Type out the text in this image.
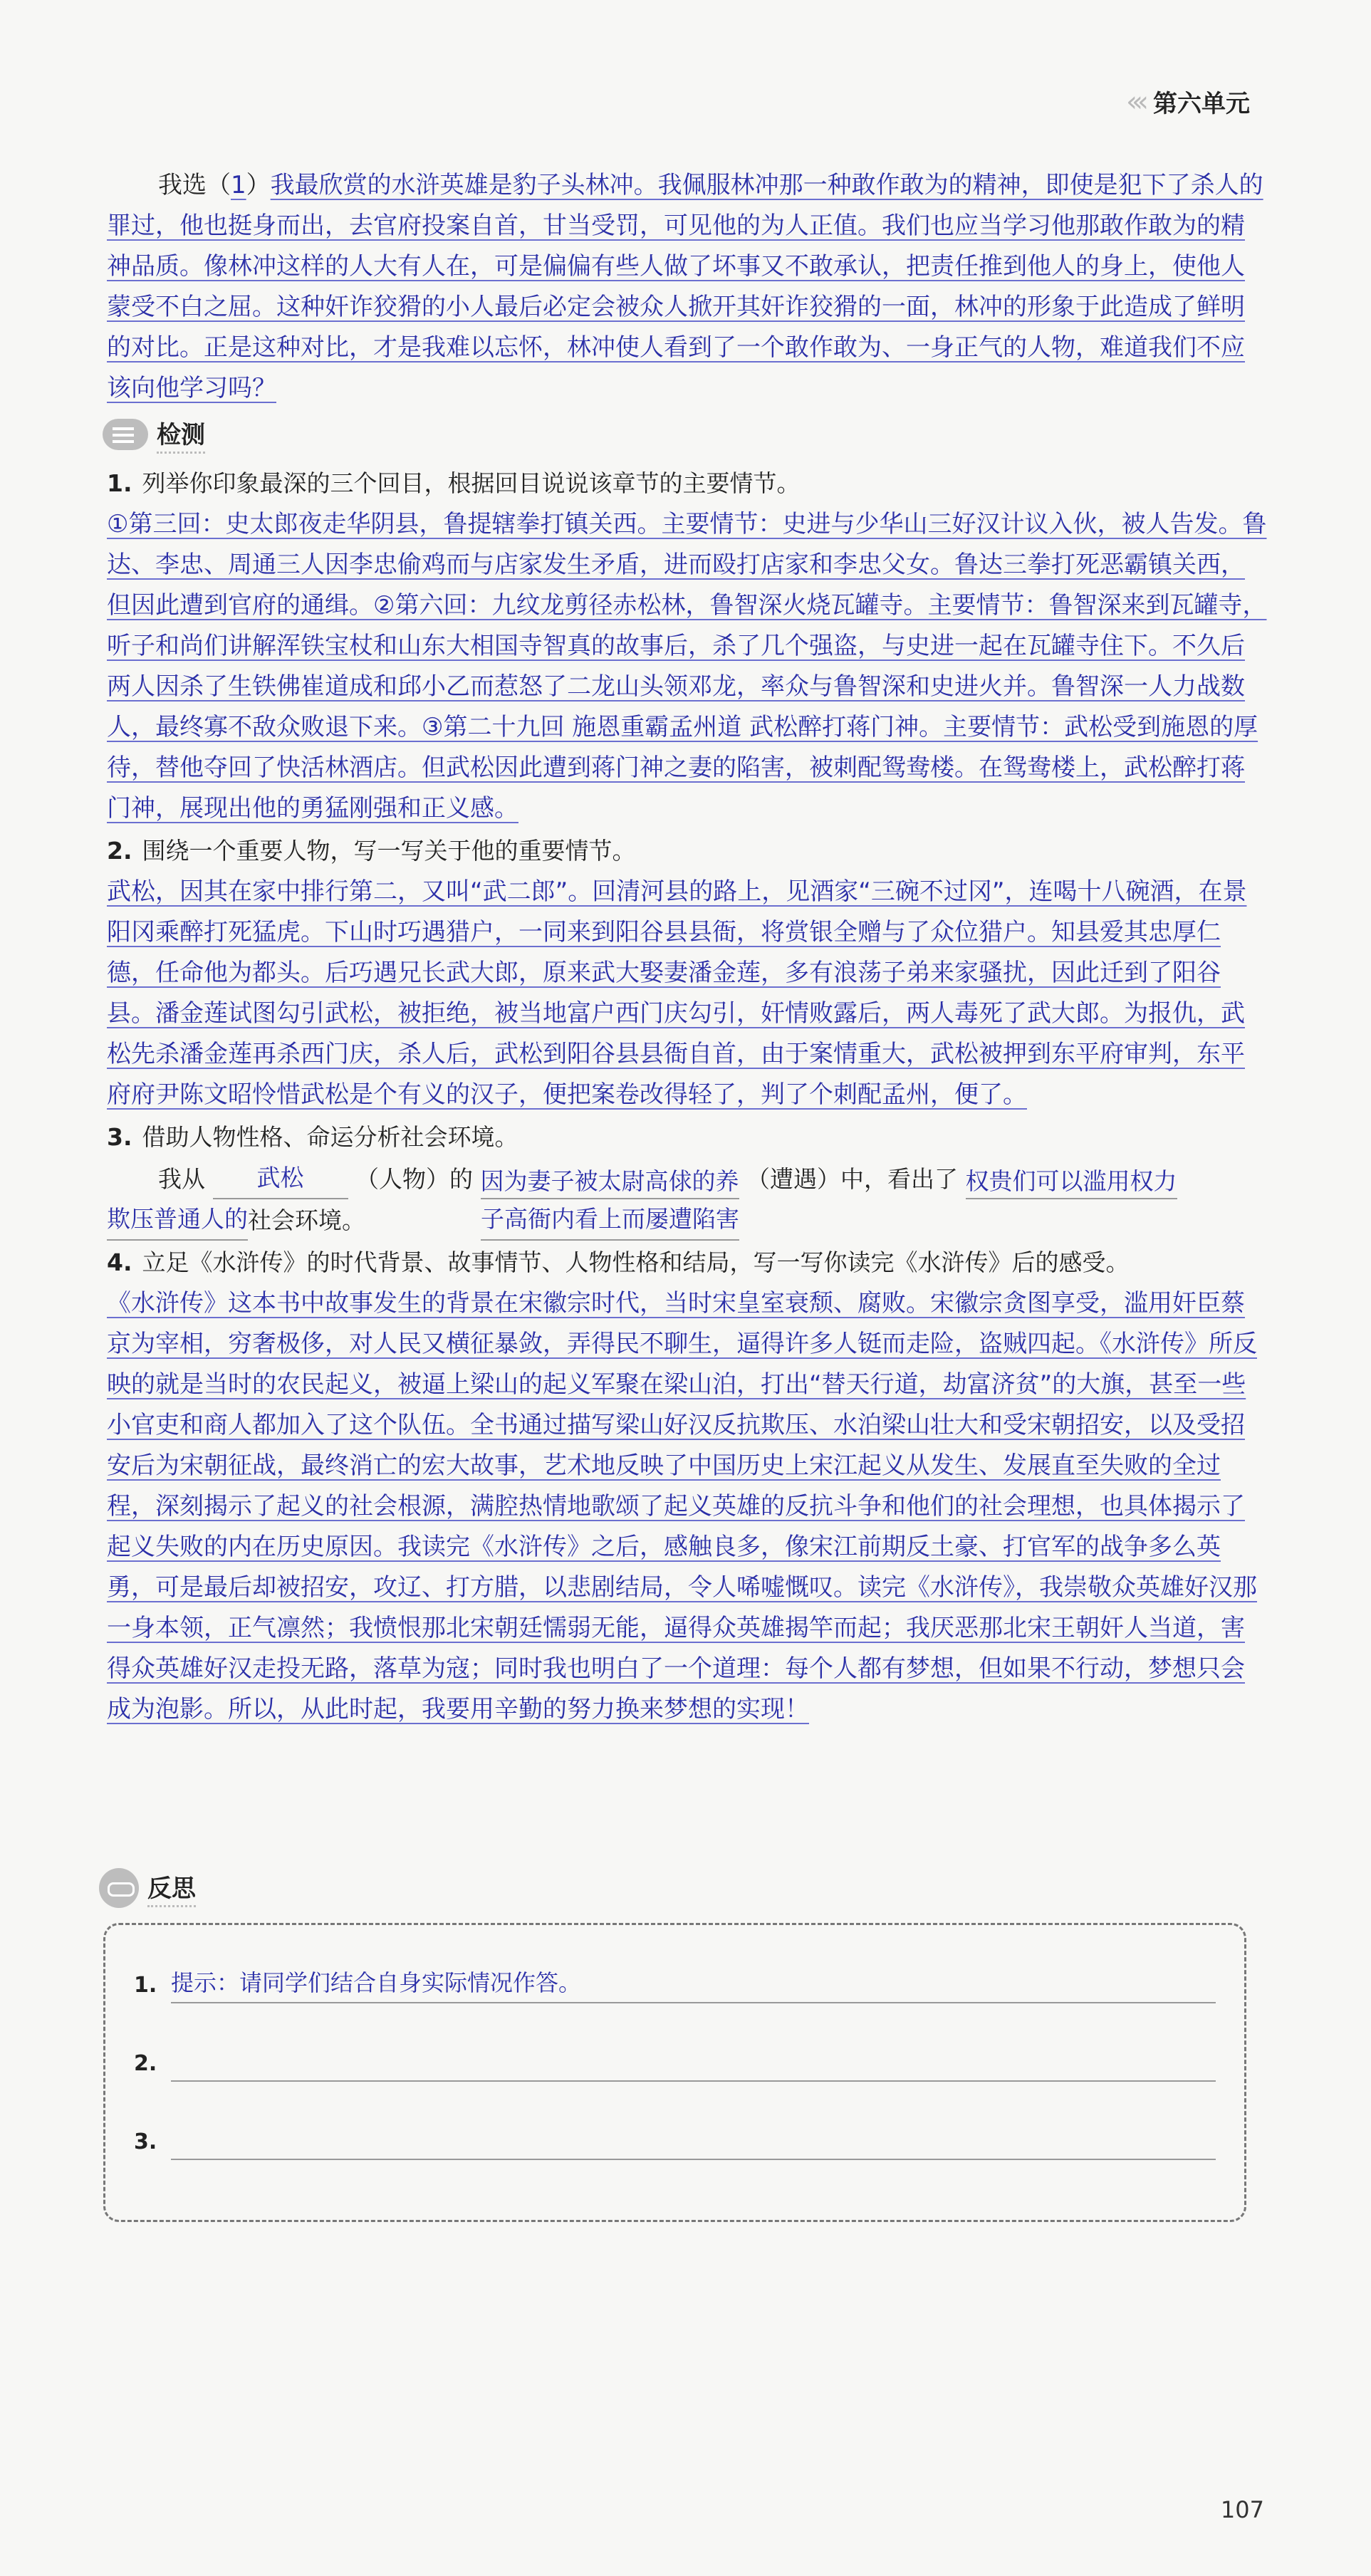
‹‹‹ 第六单元

我选（1）我最欣赏的水浒英雄是豹子头林冲。我佩服林冲那一种敢作敢为的精神，即使是犯下了杀人的罪过，他也挺身而出，去官府投案自首，甘当受罚，可见他的为人正值。我们也应当学习他那敢作敢为的精神品质。像林冲这样的人大有人在，可是偏偏有些人做了坏事又不敢承认，把责任推到他人的身上，使他人蒙受不白之屈。这种奸诈狡猾的小人最后必定会被众人掀开其奸诈狡猾的一面，林冲的形象于此造成了鲜明的对比。正是这种对比，才是我难以忘怀，林冲使人看到了一个敢作敢为、一身正气的人物，难道我们不应该向他学习吗？

检测

1. 列举你印象最深的三个回目，根据回目说说该章节的主要情节。

①第三回：史太郎夜走华阴县，鲁提辖拳打镇关西。主要情节：史进与少华山三好汉计议入伙，被人告发。鲁达、李忠、周通三人因李忠偷鸡而与店家发生矛盾，进而殴打店家和李忠父女。鲁达三拳打死恶霸镇关西，但因此遭到官府的通缉。②第六回：九纹龙剪径赤松林，鲁智深火烧瓦罐寺。主要情节：鲁智深来到瓦罐寺，听子和尚们讲解浑铁宝杖和山东大相国寺智真的故事后，杀了几个强盗，与史进一起在瓦罐寺住下。不久后两人因杀了生铁佛崔道成和邱小乙而惹怒了二龙山头领邓龙，率众与鲁智深和史进火并。鲁智深一人力战数人，最终寡不敌众败退下来。③第二十九回 施恩重霸孟州道 武松醉打蒋门神。主要情节：武松受到施恩的厚待，替他夺回了快活林酒店。但武松因此遭到蒋门神之妻的陷害，被刺配鸳鸯楼。在鸳鸯楼上，武松醉打蒋门神，展现出他的勇猛刚强和正义感。

2. 围绕一个重要人物，写一写关于他的重要情节。

武松，因其在家中排行第二，又叫“武二郎”。回清河县的路上，见酒家“三碗不过冈”，连喝十八碗酒，在景阳冈乘醉打死猛虎。下山时巧遇猎户，一同来到阳谷县县衙，将赏银全赠与了众位猎户。知县爱其忠厚仁德，任命他为都头。后巧遇兄长武大郎，原来武大娶妻潘金莲，多有浪荡子弟来家骚扰，因此迁到了阳谷县。潘金莲试图勾引武松，被拒绝，被当地富户西门庆勾引，奸情败露后，两人毒死了武大郎。为报仇，武松先杀潘金莲再杀西门庆，杀人后，武松到阳谷县县衙自首，由于案情重大，武松被押到东平府审判，东平府府尹陈文昭怜惜武松是个有义的汉子，便把案卷改得轻了，判了个刺配孟州，便了。

3. 借助人物性格、命运分析社会环境。

我从 武松 （人物）的 因为妻子被太尉高俅的养 （遭遇）中，看出了 权贵们可以滥用权力
欺压普通人的社会环境。	子高衙内看上而屡遭陷害

4. 立足《水浒传》的时代背景、故事情节、人物性格和结局，写一写你读完《水浒传》后的感受。

《水浒传》这本书中故事发生的背景在宋徽宗时代，当时宋皇室衰颓、腐败。宋徽宗贪图享受，滥用奸臣蔡京为宰相，穷奢极侈，对人民又横征暴敛，弄得民不聊生，逼得许多人铤而走险，盗贼四起。《水浒传》所反映的就是当时的农民起义，被逼上梁山的起义军聚在梁山泊，打出“替天行道，劫富济贫”的大旗，甚至一些小官吏和商人都加入了这个队伍。全书通过描写梁山好汉反抗欺压、水泊梁山壮大和受宋朝招安，以及受招安后为宋朝征战，最终消亡的宏大故事，艺术地反映了中国历史上宋江起义从发生、发展直至失败的全过程，深刻揭示了起义的社会根源，满腔热情地歌颂了起义英雄的反抗斗争和他们的社会理想，也具体揭示了起义失败的内在历史原因。我读完《水浒传》之后，感触良多，像宋江前期反土豪、打官军的战争多么英勇，可是最后却被招安，攻辽、打方腊，以悲剧结局，令人唏嘘慨叹。读完《水浒传》，我崇敬众英雄好汉那一身本领，正气凛然；我愤恨那北宋朝廷懦弱无能，逼得众英雄揭竿而起；我厌恶那北宋王朝奸人当道，害得众英雄好汉走投无路，落草为寇；同时我也明白了一个道理：每个人都有梦想，但如果不行动，梦想只会成为泡影。所以，从此时起，我要用辛勤的努力换来梦想的实现！

反思
1. 提示：请同学们结合自身实际情况作答。
2.
3.
107
